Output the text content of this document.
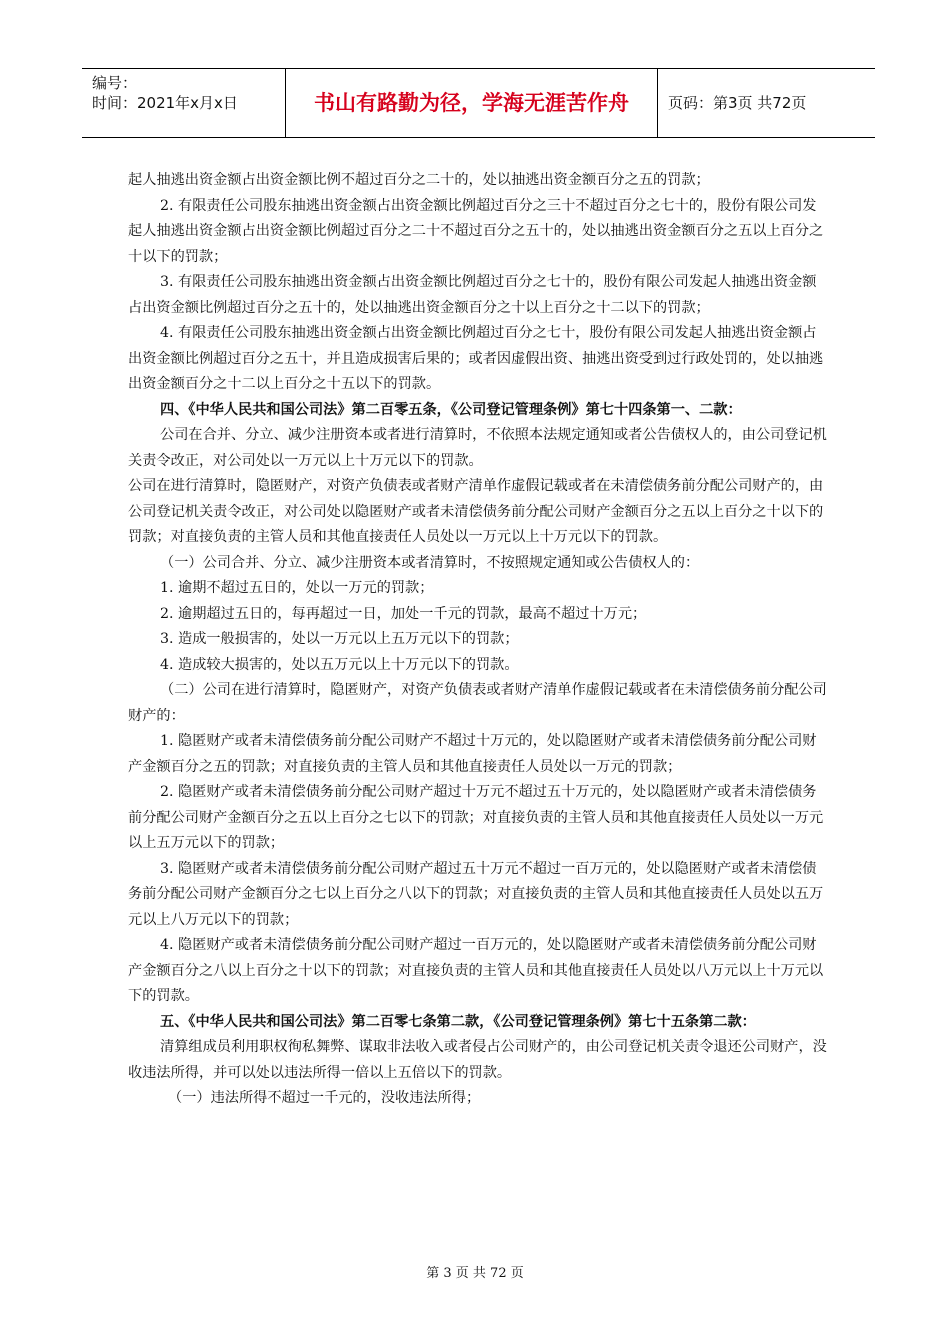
编号：
时间：2021年x月x日	书山有路勤为径，学海无涯苦作舟	页码：第3页 共72页

起人抽逃出资金额占出资金额比例不超过百分之二十的，处以抽逃出资金额百分之五的罚款；

2. 有限责任公司股东抽逃出资金额占出资金额比例超过百分之三十不超过百分之七十的，股份有限公司发起人抽逃出资金额占出资金额比例超过百分之二十不超过百分之五十的，处以抽逃出资金额百分之五以上百分之十以下的罚款；

3. 有限责任公司股东抽逃出资金额占出资金额比例超过百分之七十的，股份有限公司发起人抽逃出资金额占出资金额比例超过百分之五十的，处以抽逃出资金额百分之十以上百分之十二以下的罚款；

4. 有限责任公司股东抽逃出资金额占出资金额比例超过百分之七十，股份有限公司发起人抽逃出资金额占出资金额比例超过百分之五十，并且造成损害后果的；或者因虚假出资、抽逃出资受到过行政处罚的，处以抽逃出资金额百分之十二以上百分之十五以下的罚款。

四、《中华人民共和国公司法》第二百零五条，《公司登记管理条例》第七十四条第一、二款：

公司在合并、分立、减少注册资本或者进行清算时，不依照本法规定通知或者公告债权人的，由公司登记机关责令改正，对公司处以一万元以上十万元以下的罚款。

公司在进行清算时，隐匿财产，对资产负债表或者财产清单作虚假记载或者在未清偿债务前分配公司财产的，由公司登记机关责令改正，对公司处以隐匿财产或者未清偿债务前分配公司财产金额百分之五以上百分之十以下的罚款；对直接负责的主管人员和其他直接责任人员处以一万元以上十万元以下的罚款。

（一）公司合并、分立、减少注册资本或者清算时，不按照规定通知或公告债权人的：

1. 逾期不超过五日的，处以一万元的罚款；

2. 逾期超过五日的，每再超过一日，加处一千元的罚款，最高不超过十万元；

3. 造成一般损害的，处以一万元以上五万元以下的罚款；

4. 造成较大损害的，处以五万元以上十万元以下的罚款。

（二）公司在进行清算时，隐匿财产，对资产负债表或者财产清单作虚假记载或者在未清偿债务前分配公司财产的：

1. 隐匿财产或者未清偿债务前分配公司财产不超过十万元的，处以隐匿财产或者未清偿债务前分配公司财产金额百分之五的罚款；对直接负责的主管人员和其他直接责任人员处以一万元的罚款；

2. 隐匿财产或者未清偿债务前分配公司财产超过十万元不超过五十万元的，处以隐匿财产或者未清偿债务前分配公司财产金额百分之五以上百分之七以下的罚款；对直接负责的主管人员和其他直接责任人员处以一万元以上五万元以下的罚款；

3. 隐匿财产或者未清偿债务前分配公司财产超过五十万元不超过一百万元的，处以隐匿财产或者未清偿债务前分配公司财产金额百分之七以上百分之八以下的罚款；对直接负责的主管人员和其他直接责任人员处以五万元以上八万元以下的罚款；

4. 隐匿财产或者未清偿债务前分配公司财产超过一百万元的，处以隐匿财产或者未清偿债务前分配公司财产金额百分之八以上百分之十以下的罚款；对直接负责的主管人员和其他直接责任人员处以八万元以上十万元以下的罚款。

五、《中华人民共和国公司法》第二百零七条第二款，《公司登记管理条例》第七十五条第二款：

清算组成员利用职权徇私舞弊、谋取非法收入或者侵占公司财产的，由公司登记机关责令退还公司财产，没收违法所得，并可以处以违法所得一倍以上五倍以下的罚款。

（一）违法所得不超过一千元的，没收违法所得；

第 3 页 共 72 页
